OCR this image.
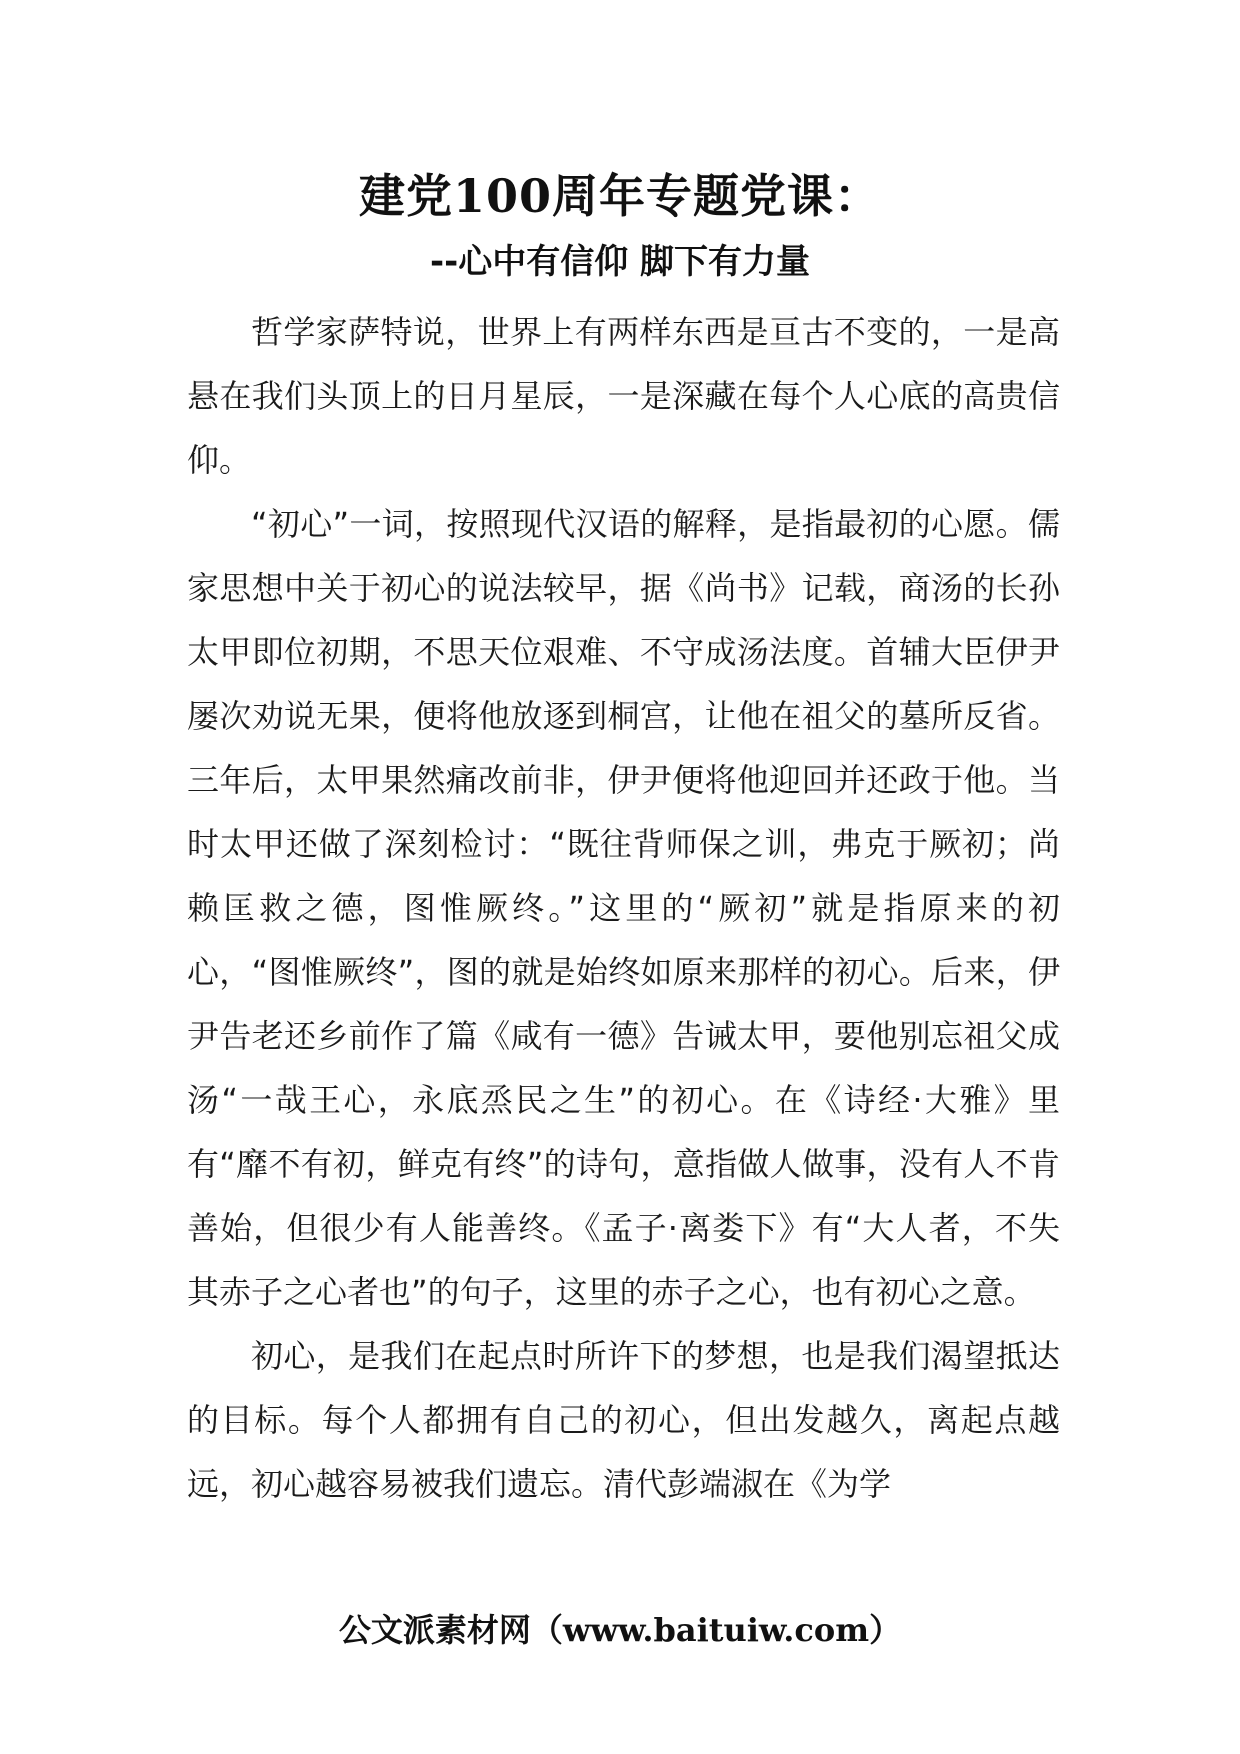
建党100周年专题党课：
--心中有信仰 脚下有力量

哲学家萨特说，世界上有两样东西是亘古不变的，一是高悬在我们头顶上的日月星辰，一是深藏在每个人心底的高贵信仰。

“初心”一词，按照现代汉语的解释，是指最初的心愿。儒家思想中关于初心的说法较早，据《尚书》记载，商汤的长孙太甲即位初期，不思天位艰难、不守成汤法度。首辅大臣伊尹屡次劝说无果，便将他放逐到桐宫，让他在祖父的墓所反省。三年后，太甲果然痛改前非，伊尹便将他迎回并还政于他。当时太甲还做了深刻检讨：“既往背师保之训，弗克于厥初；尚赖匡救之德，图惟厥终。”这里的“厥初”就是指原来的初心，“图惟厥终”，图的就是始终如原来那样的初心。后来，伊尹告老还乡前作了篇《咸有一德》告诫太甲，要他别忘祖父成汤“一哉王心，永底烝民之生”的初心。在《诗经·大雅》里有“靡不有初，鲜克有终”的诗句，意指做人做事，没有人不肯善始，但很少有人能善终。《孟子·离娄下》有“大人者，不失其赤子之心者也”的句子，这里的赤子之心，也有初心之意。

初心，是我们在起点时所许下的梦想，也是我们渴望抵达的目标。每个人都拥有自己的初心，但出发越久，离起点越远，初心越容易被我们遗忘。清代彭端淑在《为学

公文派素材网（www.baituiw.com）
